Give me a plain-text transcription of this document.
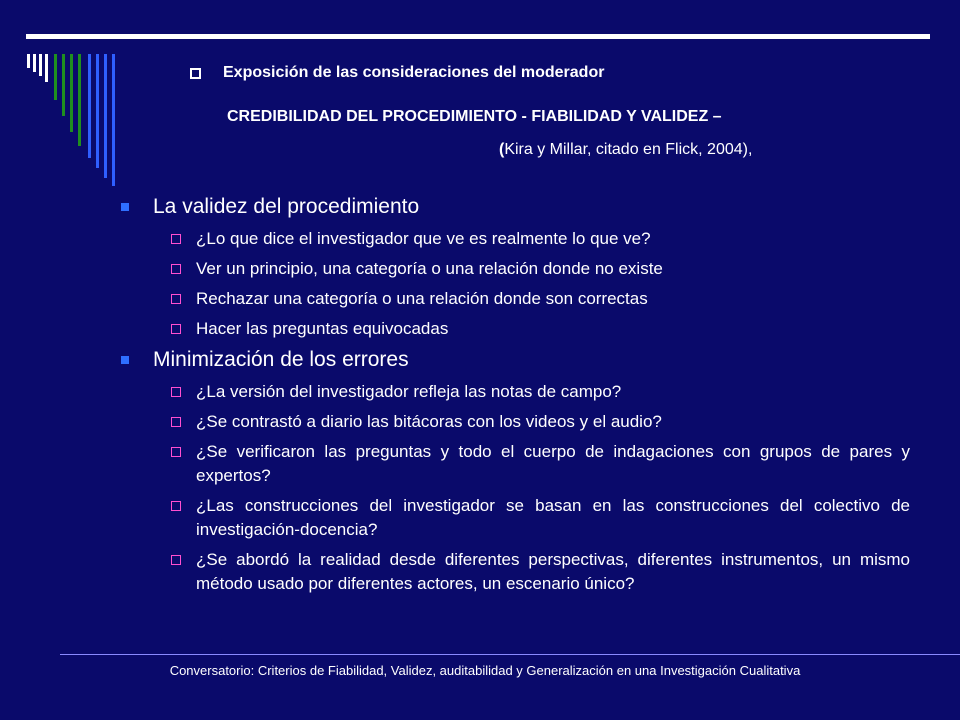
Exposición de las consideraciones del moderador
CREDIBILIDAD DEL PROCEDIMIENTO - FIABILIDAD Y VALIDEZ –
(Kira y Millar, citado en Flick, 2004),
La validez del procedimiento
¿Lo que dice el investigador que ve es realmente lo que ve?
Ver un principio, una categoría o una relación donde no existe
Rechazar una categoría o una relación donde son correctas
Hacer las preguntas equivocadas
Minimización de los errores
¿La versión del investigador refleja las notas de campo?
¿Se contrastó a diario las bitácoras con los videos y el audio?
¿Se verificaron las preguntas y todo el cuerpo de indagaciones con grupos de pares y expertos?
¿Las construcciones del investigador se basan en las construcciones del colectivo de investigación-docencia?
¿Se abordó la realidad desde diferentes perspectivas, diferentes instrumentos, un mismo método usado por diferentes actores, un escenario único?
Conversatorio: Criterios de Fiabilidad, Validez, auditabilidad y Generalización en una Investigación Cualitativa
